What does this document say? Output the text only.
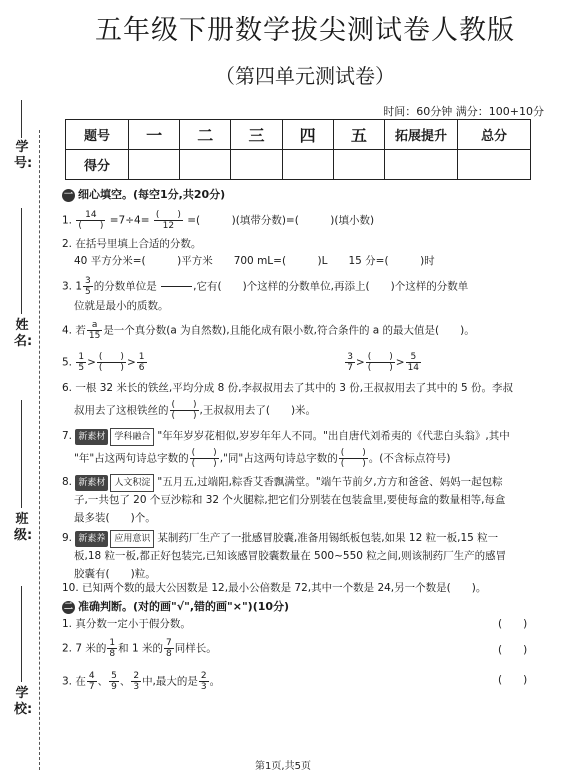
学号:
姓名:
班级:
学校:
五年级下册数学拔尖测试卷人教版
（第四单元测试卷）
时间：60分钟 满分：100+10分
题号	一	二	三	四	五	拓展提升	总分
得分							
一 细心填空。(每空1分,共20分)
1. $\frac{14}{( )} =7\div 4= \frac{( )}{12}$ =(　　　)(填带分数)=(　　　)(填小数)
2. 在括号里填上合适的分数。
40 平方分米=(　　　)平方米　　700 mL=(　　　)L　　15 分=(　　　)时
3. $1 \frac{3}{5}$ 的分数单位是

　　　	,它有(　　)个这样的分数单位,再添上(　　)个这样的分数单
位就是最小的质数。
4. 若 $\frac{a}{15}$ 是一个真分数(a 为自然数),且能化成有限小数,符合条件的 a 的最大值是(　　)。
5. $\frac{1}{5} > \frac{( )}{( )} > \frac{1}{6}$
	$\frac{3}{7} > \frac{( )}{( )} > \frac{5}{14}$
6. 一根 32 米长的铁丝,平均分成 8 份,李叔叔用去了其中的 3 份,王叔叔用去了其中的 5 份。李叔
叔用去了这根铁丝的 $\frac{( )}{( )}$ ,王叔叔用去了(　　)米。
7. 新素材 学科融合 "年年岁岁花相似,岁岁年年人不同。"出自唐代刘希夷的《代悲白头翁》,其中
"年"占这两句诗总字数的 $\frac{( )}{( )}$ ,"同"占这两句诗总字数的 $\frac{( )}{( )}$ 。(不含标点符号)
8. 新素材 人文积淀 "五月五,过端阳,粽香艾香飘满堂。"端午节前夕,方方和爸爸、妈妈一起包粽
子,一共包了 20 个豆沙粽和 32 个火腿粽,把它们分别装在包装盒里,要使每盒的数量相等,每盒
最多装(　　)个。
9. 新素养 应用意识 某制药厂生产了一批感冒胶囊,准备用锡纸板包装,如果 12 粒一板,15 粒一
板,18 粒一板,都正好包装完,已知该感冒胶囊数量在 500~550 粒之间,则该制药厂生产的感冒
胶囊有(　　)粒。
10. 已知两个数的最大公因数是 12,最小公倍数是 72,其中一个数是 24,另一个数是(　　)。
二 准确判断。(对的画"√",错的画"×")(10分)
1. 真分数一定小于假分数。	(　　)
2. 7 米的 $\frac{1}{8}$ 和 1 米的 $\frac{7}{8}$ 同样长。	(　　)
3. 在 $\frac{4}{7}$ 、 $\frac{5}{9}$ 、 $\frac{2}{3}$ 中,最大的是 $\frac{2}{3}$ 。	(　　)
第1页,共5页
